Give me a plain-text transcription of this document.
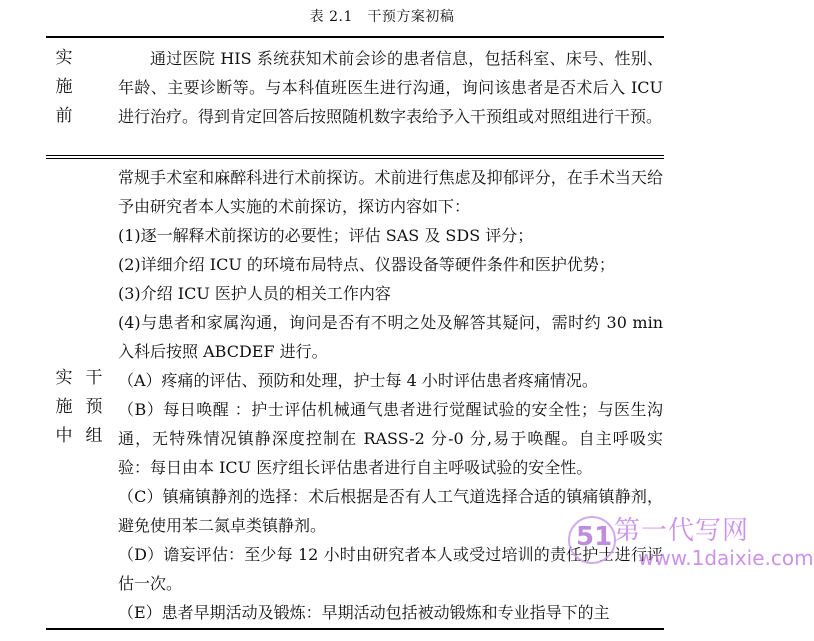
表 2.1　干预方案初稿
实
施
前

通过医院 HIS 系统获知术前会诊的患者信息，包括科室、床号、性别、年龄、主要诊断等。与本科值班医生进行沟通，询问该患者是否术后入 ICU 进行治疗。得到肯定回答后按照随机数字表给予入干预组或对照组进行干预。

实
施
中
干
预
组

常规手术室和麻醉科进行术前探访。术前进行焦虑及抑郁评分，在手术当天给予由研究者本人实施的术前探访，探访内容如下：

(1)逐一解释术前探访的必要性；评估 SAS 及 SDS 评分；

(2)详细介绍 ICU 的环境布局特点、仪器设备等硬件条件和医护优势；

(3)介绍 ICU 医护人员的相关工作内容

(4)与患者和家属沟通，询问是否有不明之处及解答其疑问，需时约 30 min 入科后按照 ABCDEF 进行。

（A）疼痛的评估、预防和处理，护士每 4 小时评估患者疼痛情况。

（B）每日唤醒 ：护士评估机械通气患者进行觉醒试验的安全性；与医生沟通，无特殊情况镇静深度控制在 RASS-2 分-0 分,易于唤醒。自主呼吸实验：每日由本 ICU 医疗组长评估患者进行自主呼吸试验的安全性。

（C）镇痛镇静剂的选择：术后根据是否有人工气道选择合适的镇痛镇静剂，避免使用苯二氮卓类镇静剂。

（D）谵妄评估：至少每 12 小时由研究者本人或受过培训的责任护士进行评估一次。

（E）患者早期活动及锻炼：早期活动包括被动锻炼和专业指导下的主

51 第一代写网
www.1daixie.com
